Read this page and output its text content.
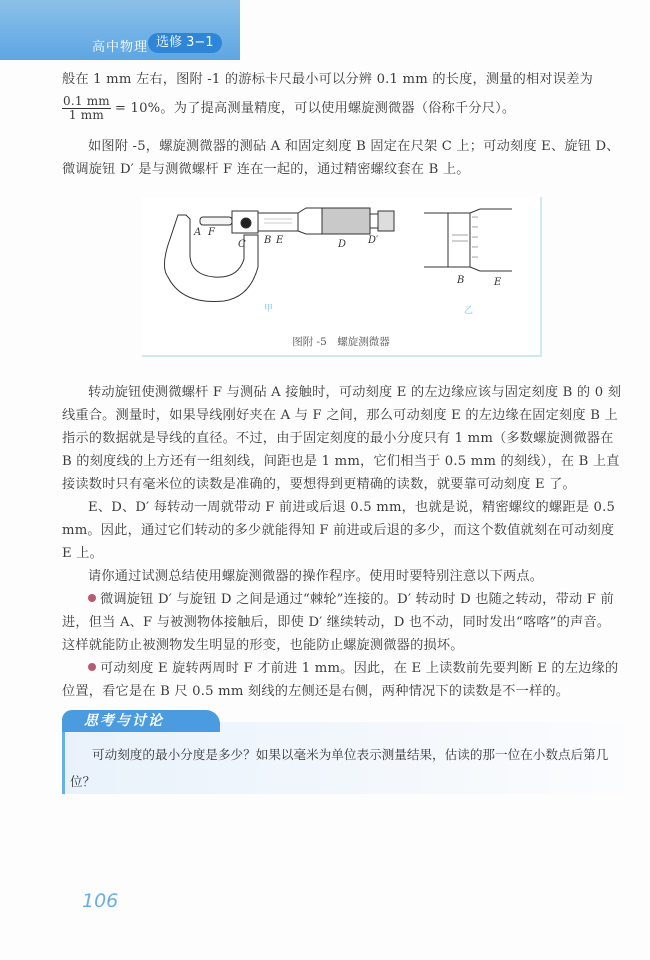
高中物理 选修 3−1
般在 1 mm 左右，图附 -1 的游标卡尺最小可以分辨 0.1 mm 的长度，测量的相对误差为
$\frac{0.1 mm}{1 mm} = 10\%$。为了提高测量精度，可以使用螺旋测微器（俗称千分尺）。
如图附 -5，螺旋测微器的测砧 A 和固定刻度 B 固定在尺架 C 上；可动刻度 E、旋钮 D、微调旋钮 D′ 是与测微螺杆 F 连在一起的，通过精密螺纹套在 B 上。
A F
C B E	D D′
B	E
甲	乙
图附 -5　螺旋测微器
转动旋钮使测微螺杆 F 与测砧 A 接触时，可动刻度 E 的左边缘应该与固定刻度 B 的 0 刻线重合。测量时，如果导线刚好夹在 A 与 F 之间，那么可动刻度 E 的左边缘在固定刻度 B 上指示的数据就是导线的直径。不过，由于固定刻度的最小分度只有 1 mm（多数螺旋测微器在 B 的刻度线的上方还有一组刻线，间距也是 1 mm，它们相当于 0.5 mm 的刻线），在 B 上直接读数时只有毫米位的读数是准确的，要想得到更精确的读数，就要靠可动刻度 E 了。
E、D、D′ 每转动一周就带动 F 前进或后退 0.5 mm，也就是说，精密螺纹的螺距是 0.5 mm。因此，通过它们转动的多少就能得知 F 前进或后退的多少，而这个数值就刻在可动刻度 E 上。
请你通过试测总结使用螺旋测微器的操作程序。使用时要特别注意以下两点。
微调旋钮 D′ 与旋钮 D 之间是通过“棘轮”连接的。D′ 转动时 D 也随之转动，带动 F 前进，但当 A、F 与被测物体接触后，即使 D′ 继续转动，D 也不动，同时发出“喀喀”的声音。这样就能防止被测物发生明显的形变，也能防止螺旋测微器的损坏。
可动刻度 E 旋转两周时 F 才前进 1 mm。因此，在 E 上读数前先要判断 E 的左边缘的位置，看它是在 B 尺 0.5 mm 刻线的左侧还是右侧，两种情况下的读数是不一样的。
思考与讨论
可动刻度的最小分度是多少？如果以毫米为单位表示测量结果，估读的那一位在小数点后第几位？
106
